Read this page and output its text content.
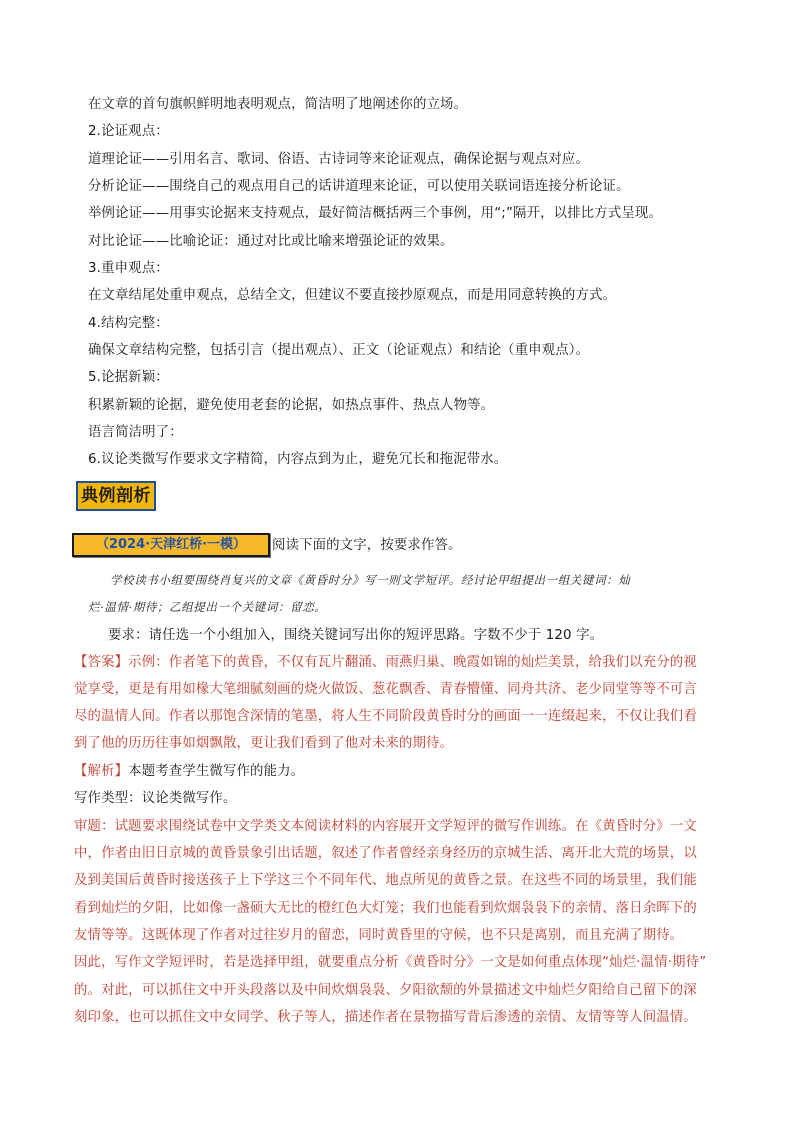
在文章的首句旗帜鲜明地表明观点，简洁明了地阐述你的立场。
2.论证观点：
道理论证——引用名言、歌词、俗语、古诗词等来论证观点，确保论据与观点对应。
分析论证——围绕自己的观点用自己的话讲道理来论证，可以使用关联词语连接分析论证。
举例论证——用事实论据来支持观点，最好简洁概括两三个事例，用“;”隔开，以排比方式呈现。
对比论证——比喻论证：通过对比或比喻来增强论证的效果。
3.重申观点：
在文章结尾处重申观点，总结全文，但建议不要直接抄原观点，而是用同意转换的方式。
4.结构完整：
确保文章结构完整，包括引言（提出观点）、正文（论证观点）和结论（重申观点）。
5.论据新颖：
积累新颖的论据，避免使用老套的论据，如热点事件、热点人物等。
语言简洁明了：
6.议论类微写作要求文字精简，内容点到为止，避免冗长和拖泥带水。
典例剖析
（2024·天津红桥·一模）	阅读下面的文字，按要求作答。
学校读书小组要围绕肖复兴的文章《黄昏时分》写一则文学短评。经讨论甲组提出一组关键词：灿
烂·温情·期待；乙组提出一个关键词：留恋。
要求：请任选一个小组加入，围绕关键词写出你的短评思路。字数不少于 120 字。
【答案】示例：作者笔下的黄昏，不仅有瓦片翻涌、雨燕归巢、晚霞如锦的灿烂美景，给我们以充分的视
觉享受，更是有用如椽大笔细腻刻画的烧火做饭、葱花飘香、青春懵懂、同舟共济、老少同堂等等不可言
尽的温情人间。作者以那饱含深情的笔墨，将人生不同阶段黄昏时分的画面一一连缀起来，不仅让我们看
到了他的历历往事如烟飘散，更让我们看到了他对未来的期待。
【解析】本题考查学生微写作的能力。
写作类型：议论类微写作。
审题：试题要求围绕试卷中文学类文本阅读材料的内容展开文学短评的微写作训练。在《黄昏时分》一文
中，作者由旧日京城的黄昏景象引出话题，叙述了作者曾经亲身经历的京城生活、离开北大荒的场景，以
及到美国后黄昏时接送孩子上下学这三个不同年代、地点所见的黄昏之景。在这些不同的场景里，我们能
看到灿烂的夕阳，比如像一盏硕大无比的橙红色大灯笼；我们也能看到炊烟袅袅下的亲情、落日余晖下的
友情等等。这既体现了作者对过往岁月的留恋，同时黄昏里的守候，也不只是离别，而且充满了期待。
因此，写作文学短评时，若是选择甲组，就要重点分析《黄昏时分》一文是如何重点体现“灿烂·温情·期待”
的。对此，可以抓住文中开头段落以及中间炊烟袅袅、夕阳欲颓的外景描述文中灿烂夕阳给自己留下的深
刻印象，也可以抓住文中女同学、秋子等人，描述作者在景物描写背后渗透的亲情、友情等等人间温情。
